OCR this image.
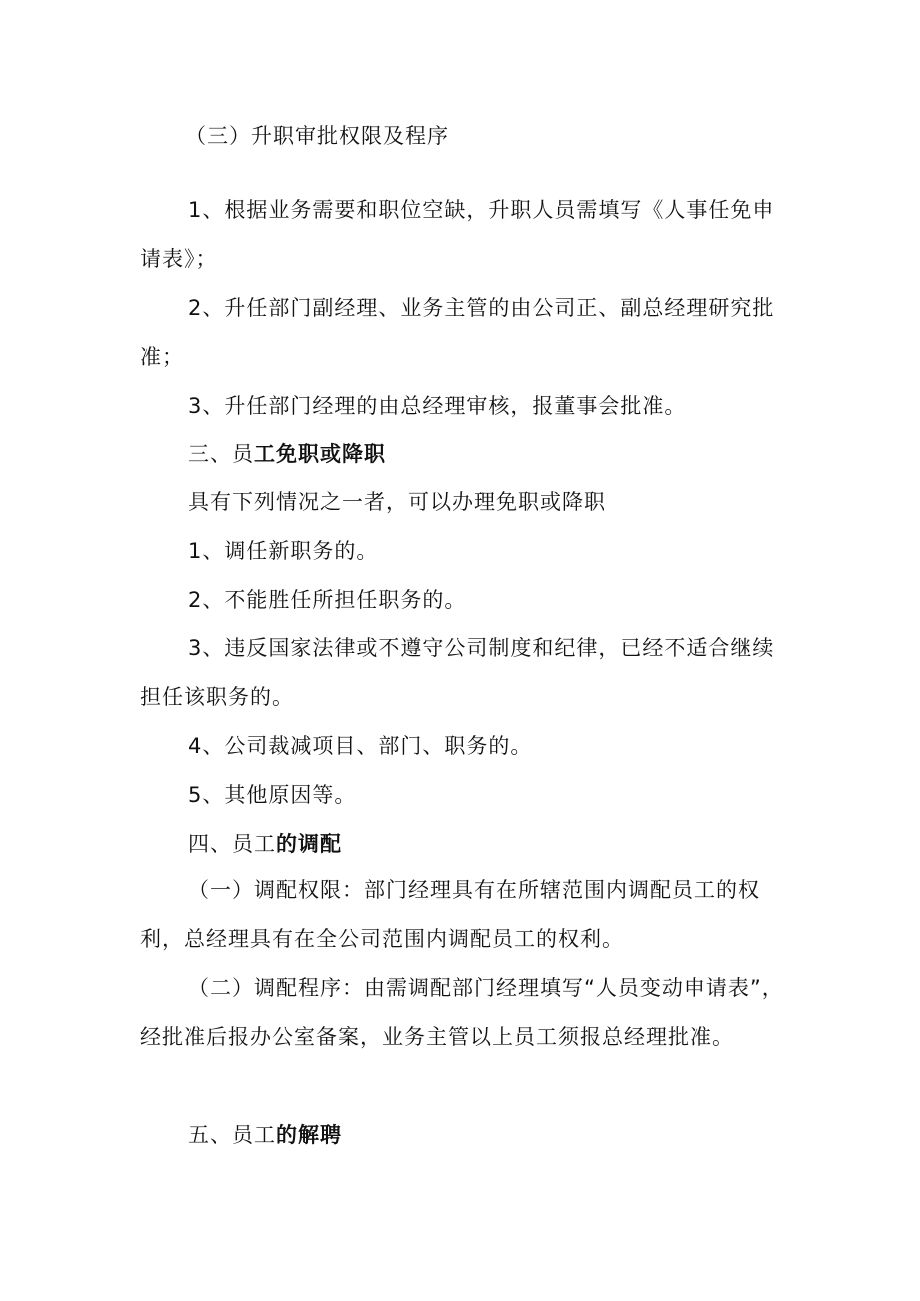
（三）升职审批权限及程序
1、根据业务需要和职位空缺，升职人员需填写《人事任免申请表》；
2、升任部门副经理、业务主管的由公司正、副总经理研究批准；
3、升任部门经理的由总经理审核，报董事会批准。
三、员工免职或降职
具有下列情况之一者，可以办理免职或降职
1、调任新职务的。
2、不能胜任所担任职务的。
3、违反国家法律或不遵守公司制度和纪律，已经不适合继续担任该职务的。
4、公司裁减项目、部门、职务的。
5、其他原因等。
四、员工的调配
（一）调配权限：部门经理具有在所辖范围内调配员工的权利，总经理具有在全公司范围内调配员工的权利。
（二）调配程序：由需调配部门经理填写“人员变动申请表”，经批准后报办公室备案，业务主管以上员工须报总经理批准。
五、员工的解聘
